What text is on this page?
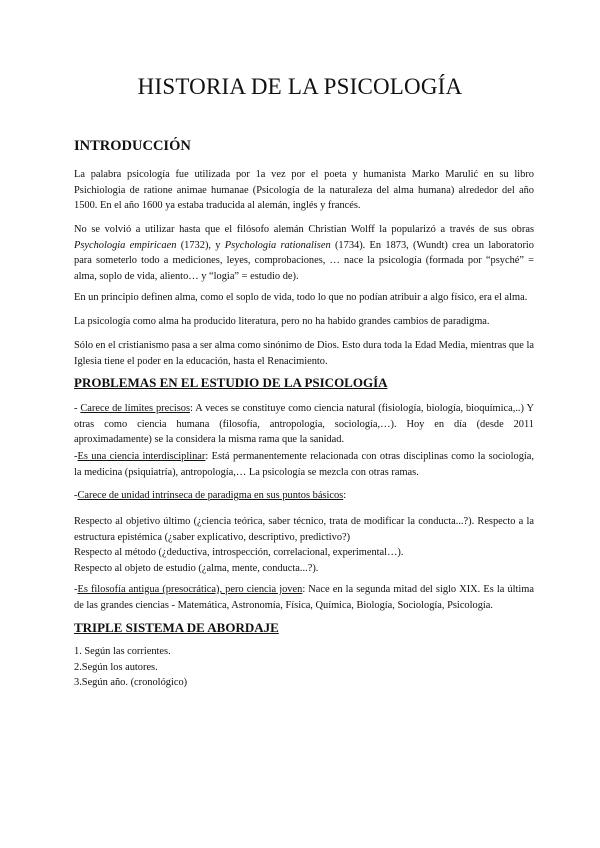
HISTORIA DE LA PSICOLOGÍA
INTRODUCCIÓN

La palabra psicología fue utilizada por 1a vez por el poeta y humanista Marko Marulić en su libro Psichiologia de ratione animae humanae (Psicología de la naturaleza del alma humana) alrededor del año 1500. En el año 1600 ya estaba traducida al alemán, inglés y francés.

No se volvió a utilizar hasta que el filósofo alemán Christian Wolff la popularizó a través de sus obras Psychologia empiricaen (1732), y Psychologia rationalisen (1734). En 1873, (Wundt) crea un laboratorio para someterlo todo a mediciones, leyes, comprobaciones, … nace la psicología (formada por “psyché” = alma, soplo de vida, aliento… y “logia” = estudio de).

En un principio definen alma, como el soplo de vida, todo lo que no podían atribuir a algo físico, era el alma.

La psicología como alma ha producido literatura, pero no ha habido grandes cambios de paradigma.

Sólo en el cristianismo pasa a ser alma como sinónimo de Dios. Esto dura toda la Edad Media, mientras que la Iglesia tiene el poder en la educación, hasta el Renacimiento.

PROBLEMAS EN EL ESTUDIO DE LA PSICOLOGÍA

- Carece de límites precisos: A veces se constituye como ciencia natural (fisiología, biología, bioquímica,..) Y otras como ciencia humana (filosofía, antropología, sociología,…). Hoy en día (desde 2011 aproximadamente) se la considera la misma rama que la sanidad.

-Es una ciencia interdisciplinar: Está permanentemente relacionada con otras disciplinas como la sociología, la medicina (psiquiatría), antropología,… La psicología se mezcla con otras ramas.

-Carece de unidad intrínseca de paradigma en sus puntos básicos:

Respecto al objetivo último (¿ciencia teórica, saber técnico, trata de modificar la conducta...?). Respecto a la estructura epistémica (¿saber explicativo, descriptivo, predictivo?)
Respecto al método (¿deductiva, introspección, correlacional, experimental…).
Respecto al objeto de estudio (¿alma, mente, conducta...?).

-Es filosofía antigua (presocrática), pero ciencia joven: Nace en la segunda mitad del siglo XIX. Es la última de las grandes ciencias - Matemática, Astronomía, Física, Química, Biología, Sociología, Psicología.

TRIPLE SISTEMA DE ABORDAJE

1. Según las corrientes.
2.Según los autores.
3.Según año. (cronológico)
